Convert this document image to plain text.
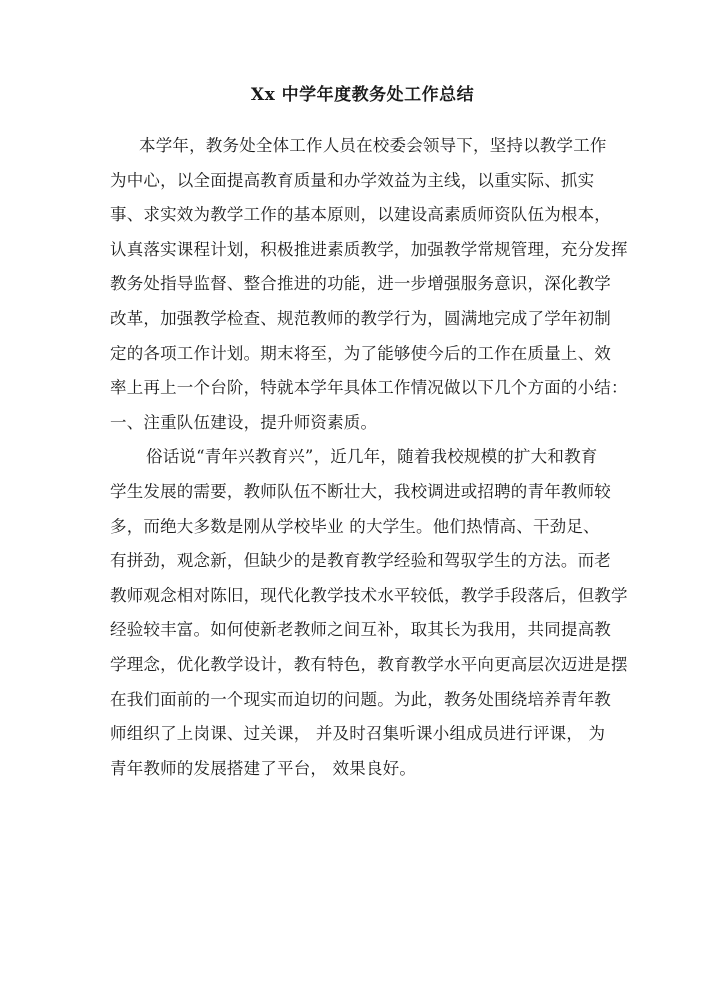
Xx 中学年度教务处工作总结
本学年，教务处全体工作人员在校委会领导下，坚持以教学工作
为中心，以全面提高教育质量和办学效益为主线，以重实际、抓实
事、求实效为教学工作的基本原则，以建设高素质师资队伍为根本，
认真落实课程计划，积极推进素质教学，加强教学常规管理，充分发挥
教务处指导监督、整合推进的功能，进一步增强服务意识，深化教学
改革，加强教学检查、规范教师的教学行为，圆满地完成了学年初制
定的各项工作计划。期末将至，为了能够使今后的工作在质量上、效
率上再上一个台阶，特就本学年具体工作情况做以下几个方面的小结：
一、注重队伍建设，提升师资素质。
俗话说“青年兴教育兴”，近几年，随着我校规模的扩大和教育
学生发展的需要，教师队伍不断壮大，我校调进或招聘的青年教师较
多，而绝大多数是刚从学校毕业 的大学生。他们热情高、干劲足、
有拼劲，观念新，但缺少的是教育教学经验和驾驭学生的方法。而老
教师观念相对陈旧，现代化教学技术水平较低，教学手段落后，但教学
经验较丰富。如何使新老教师之间互补，取其长为我用，共同提高教
学理念，优化教学设计，教有特色，教育教学水平向更高层次迈进是摆
在我们面前的一个现实而迫切的问题。为此，教务处围绕培养青年教
师组织了上岗课、过关课， 并及时召集听课小组成员进行评课， 为
青年教师的发展搭建了平台， 效果良好。
